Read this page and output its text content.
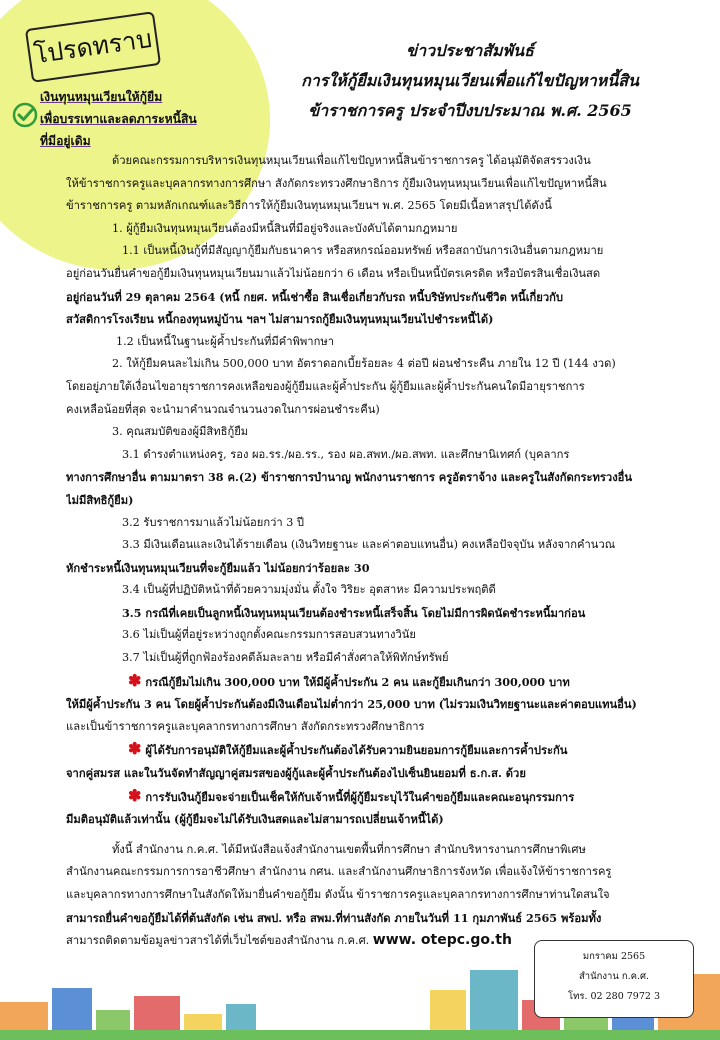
โปรดทราบ
เงินทุนหมุนเวียนให้กู้ยืม
เพื่อบรรเทาและลดภาระหนี้สิน
ที่มีอยู่เดิม
ข่าวประชาสัมพันธ์
การให้กู้ยืมเงินทุนหมุนเวียนเพื่อแก้ไขปัญหาหนี้สิน
ข้าราชการครู ประจำปีงบประมาณ พ.ศ. 2565

ด้วยคณะกรรมการบริหารเงินทุนหมุนเวียนเพื่อแก้ไขปัญหาหนี้สินข้าราชการครู ได้อนุมัติจัดสรรวงเงิน

ให้ข้าราชการครูและบุคลากรทางการศึกษา สังกัดกระทรวงศึกษาธิการ กู้ยืมเงินทุนหมุนเวียนเพื่อแก้ไขปัญหาหนี้สิน

ข้าราชการครู ตามหลักเกณฑ์และวิธีการให้กู้ยืมเงินทุนหมุนเวียนฯ พ.ศ. 2565 โดยมีเนื้อหาสรุปได้ดังนี้

1. ผู้กู้ยืมเงินทุนหมุนเวียนต้องมีหนี้สินที่มีอยู่จริงและบังคับได้ตามกฎหมาย

1.1 เป็นหนี้เงินกู้ที่มีสัญญากู้ยืมกับธนาคาร หรือสหกรณ์ออมทรัพย์ หรือสถาบันการเงินอื่นตามกฎหมาย

อยู่ก่อนวันยื่นคำขอกู้ยืมเงินทุนหมุนเวียนมาแล้วไม่น้อยกว่า 6 เดือน หรือเป็นหนี้บัตรเครดิต หรือบัตรสินเชื่อเงินสด

อยู่ก่อนวันที่ 29 ตุลาคม 2564 (หนี้ กยศ. หนี้เช่าซื้อ สินเชื่อเกี่ยวกับรถ หนี้บริษัทประกันชีวิต หนี้เกี่ยวกับ

สวัสดิการโรงเรียน หนี้กองทุนหมู่บ้าน ฯลฯ ไม่สามารถกู้ยืมเงินทุนหมุนเวียนไปชำระหนี้ได้)

1.2 เป็นหนี้ในฐานะผู้ค้ำประกันที่มีคำพิพากษา

2. ให้กู้ยืมคนละไม่เกิน 500,000 บาท อัตราดอกเบี้ยร้อยละ 4 ต่อปี ผ่อนชำระคืน ภายใน 12 ปี (144 งวด)

โดยอยู่ภายใต้เงื่อนไขอายุราชการคงเหลือของผู้กู้ยืมและผู้ค้ำประกัน ผู้กู้ยืมและผู้ค้ำประกันคนใดมีอายุราชการ

คงเหลือน้อยที่สุด จะนำมาคำนวณจำนวนงวดในการผ่อนชำระคืน)

3. คุณสมบัติของผู้มีสิทธิกู้ยืม

3.1 ดำรงตำแหน่งครู, รอง ผอ.รร./ผอ.รร., รอง ผอ.สพท./ผอ.สพท. และศึกษานิเทศก์ (บุคลากร

ทางการศึกษาอื่น ตามมาตรา 38 ค.(2) ข้าราชการบำนาญ พนักงานราชการ ครูอัตราจ้าง และครูในสังกัดกระทรวงอื่น

ไม่มีสิทธิกู้ยืม)

3.2 รับราชการมาแล้วไม่น้อยกว่า 3 ปี

3.3 มีเงินเดือนและเงินได้รายเดือน (เงินวิทยฐานะ และค่าตอบแทนอื่น) คงเหลือปัจจุบัน หลังจากคำนวณ

หักชำระหนี้เงินทุนหมุนเวียนที่จะกู้ยืมแล้ว ไม่น้อยกว่าร้อยละ 30

3.4 เป็นผู้ที่ปฏิบัติหน้าที่ด้วยความมุ่งมั่น ตั้งใจ วิริยะ อุตสาหะ มีความประพฤติดี

3.5 กรณีที่เคยเป็นลูกหนี้เงินทุนหมุนเวียนต้องชำระหนี้เสร็จสิ้น โดยไม่มีการผิดนัดชำระหนี้มาก่อน

3.6 ไม่เป็นผู้ที่อยู่ระหว่างถูกตั้งคณะกรรมการสอบสวนทางวินัย

3.7 ไม่เป็นผู้ที่ถูกฟ้องร้องคดีล้มละลาย หรือมีคำสั่งศาลให้พิทักษ์ทรัพย์

✽ กรณีกู้ยืมไม่เกิน 300,000 บาท ให้มีผู้ค้ำประกัน 2 คน และกู้ยืมเกินกว่า 300,000 บาท

ให้มีผู้ค้ำประกัน 3 คน โดยผู้ค้ำประกันต้องมีเงินเดือนไม่ต่ำกว่า 25,000 บาท (ไม่รวมเงินวิทยฐานะและค่าตอบแทนอื่น)

และเป็นข้าราชการครูและบุคลากรทางการศึกษา สังกัดกระทรวงศึกษาธิการ

✽ ผู้ได้รับการอนุมัติให้กู้ยืมและผู้ค้ำประกันต้องได้รับความยินยอมการกู้ยืมและการค้ำประกัน

จากคู่สมรส และในวันจัดทำสัญญาคู่สมรสของผู้กู้และผู้ค้ำประกันต้องไปเซ็นยินยอมที่ ธ.ก.ส. ด้วย

✽ การรับเงินกู้ยืมจะจ่ายเป็นเช็คให้กับเจ้าหนี้ที่ผู้กู้ยืมระบุไว้ในคำขอกู้ยืมและคณะอนุกรรมการ

มีมติอนุมัติแล้วเท่านั้น (ผู้กู้ยืมจะไม่ได้รับเงินสดและไม่สามารถเปลี่ยนเจ้าหนี้ได้)

ทั้งนี้ สำนักงาน ก.ค.ศ. ได้มีหนังสือแจ้งสำนักงานเขตพื้นที่การศึกษา สำนักบริหารงานการศึกษาพิเศษ

สำนักงานคณะกรรมการการอาชีวศึกษา สำนักงาน กศน. และสำนักงานศึกษาธิการจังหวัด เพื่อแจ้งให้ข้าราชการครู

และบุคลากรทางการศึกษาในสังกัดให้มายื่นคำขอกู้ยืม ดังนั้น ข้าราชการครูและบุคลากรทางการศึกษาท่านใดสนใจ

สามารถยื่นคำขอกู้ยืมได้ที่ต้นสังกัด เช่น สพป. หรือ สพม.ที่ท่านสังกัด ภายในวันที่ 11 กุมภาพันธ์ 2565 พร้อมทั้ง

สามารถติดตามข้อมูลข่าวสารได้ที่เว็บไซต์ของสำนักงาน ก.ค.ศ. www. otepc.go.th

มกราคม 2565
สำนักงาน ก.ค.ศ.
โทร. 02 280 7972 3
